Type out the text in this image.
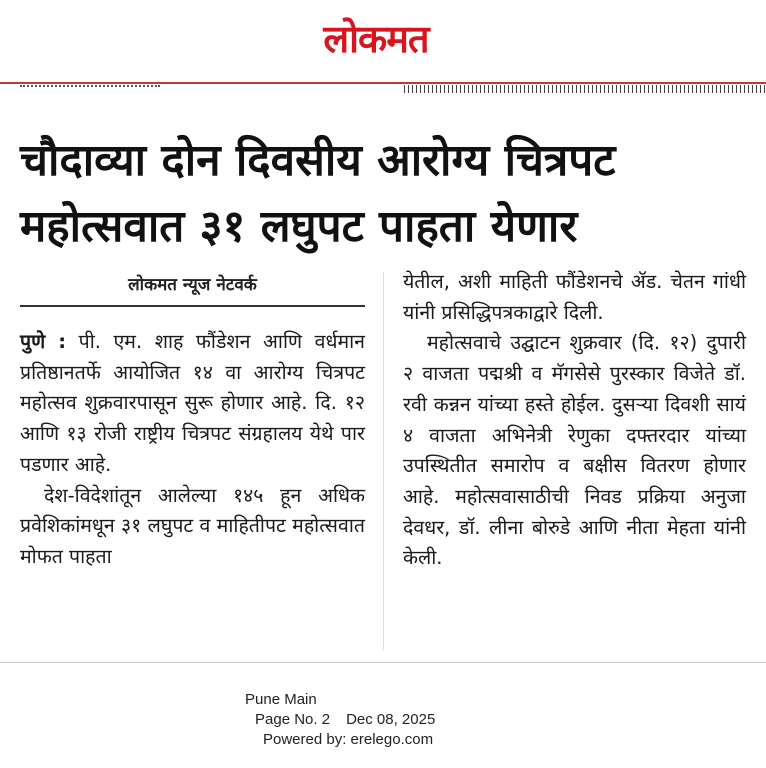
लोकमत
चौदाव्या दोन दिवसीय आरोग्य चित्रपट
महोत्सवात ३१ लघुपट पाहता येणार
लोकमत न्यूज नेटवर्क

पुणे : पी. एम. शाह फौंडेशन आणि वर्धमान प्रतिष्ठानतर्फे आयोजित १४ वा आरोग्य चित्रपट महोत्सव शुक्रवारपासून सुरू होणार आहे. दि. १२ आणि १३ रोजी राष्ट्रीय चित्रपट संग्रहालय येथे पार पडणार आहे.

देश-विदेशांतून आलेल्या १४५ हून अधिक प्रवेशिकांमधून ३१ लघुपट व माहितीपट महोत्सवात मोफत पाहता

येतील, अशी माहिती फौंडेशनचे ॲड. चेतन गांधी यांनी प्रसिद्धिपत्रकाद्वारे दिली.

महोत्सवाचे उद्घाटन शुक्रवार (दि. १२) दुपारी २ वाजता पद्मश्री व मॅगसेसे पुरस्कार विजेते डॉ. रवी कन्नन यांच्या हस्ते होईल. दुसऱ्या दिवशी सायं ४ वाजता अभिनेत्री रेणुका दफ्तरदार यांच्या उपस्थितीत समारोप व बक्षीस वितरण होणार आहे. महोत्सवासाठीची निवड प्रक्रिया अनुजा देवधर, डॉ. लीना बोरुडे आणि नीता मेहता यांनी केली.

Pune Main
Page No. 2 Dec 08, 2025
Powered by: erelego.com
